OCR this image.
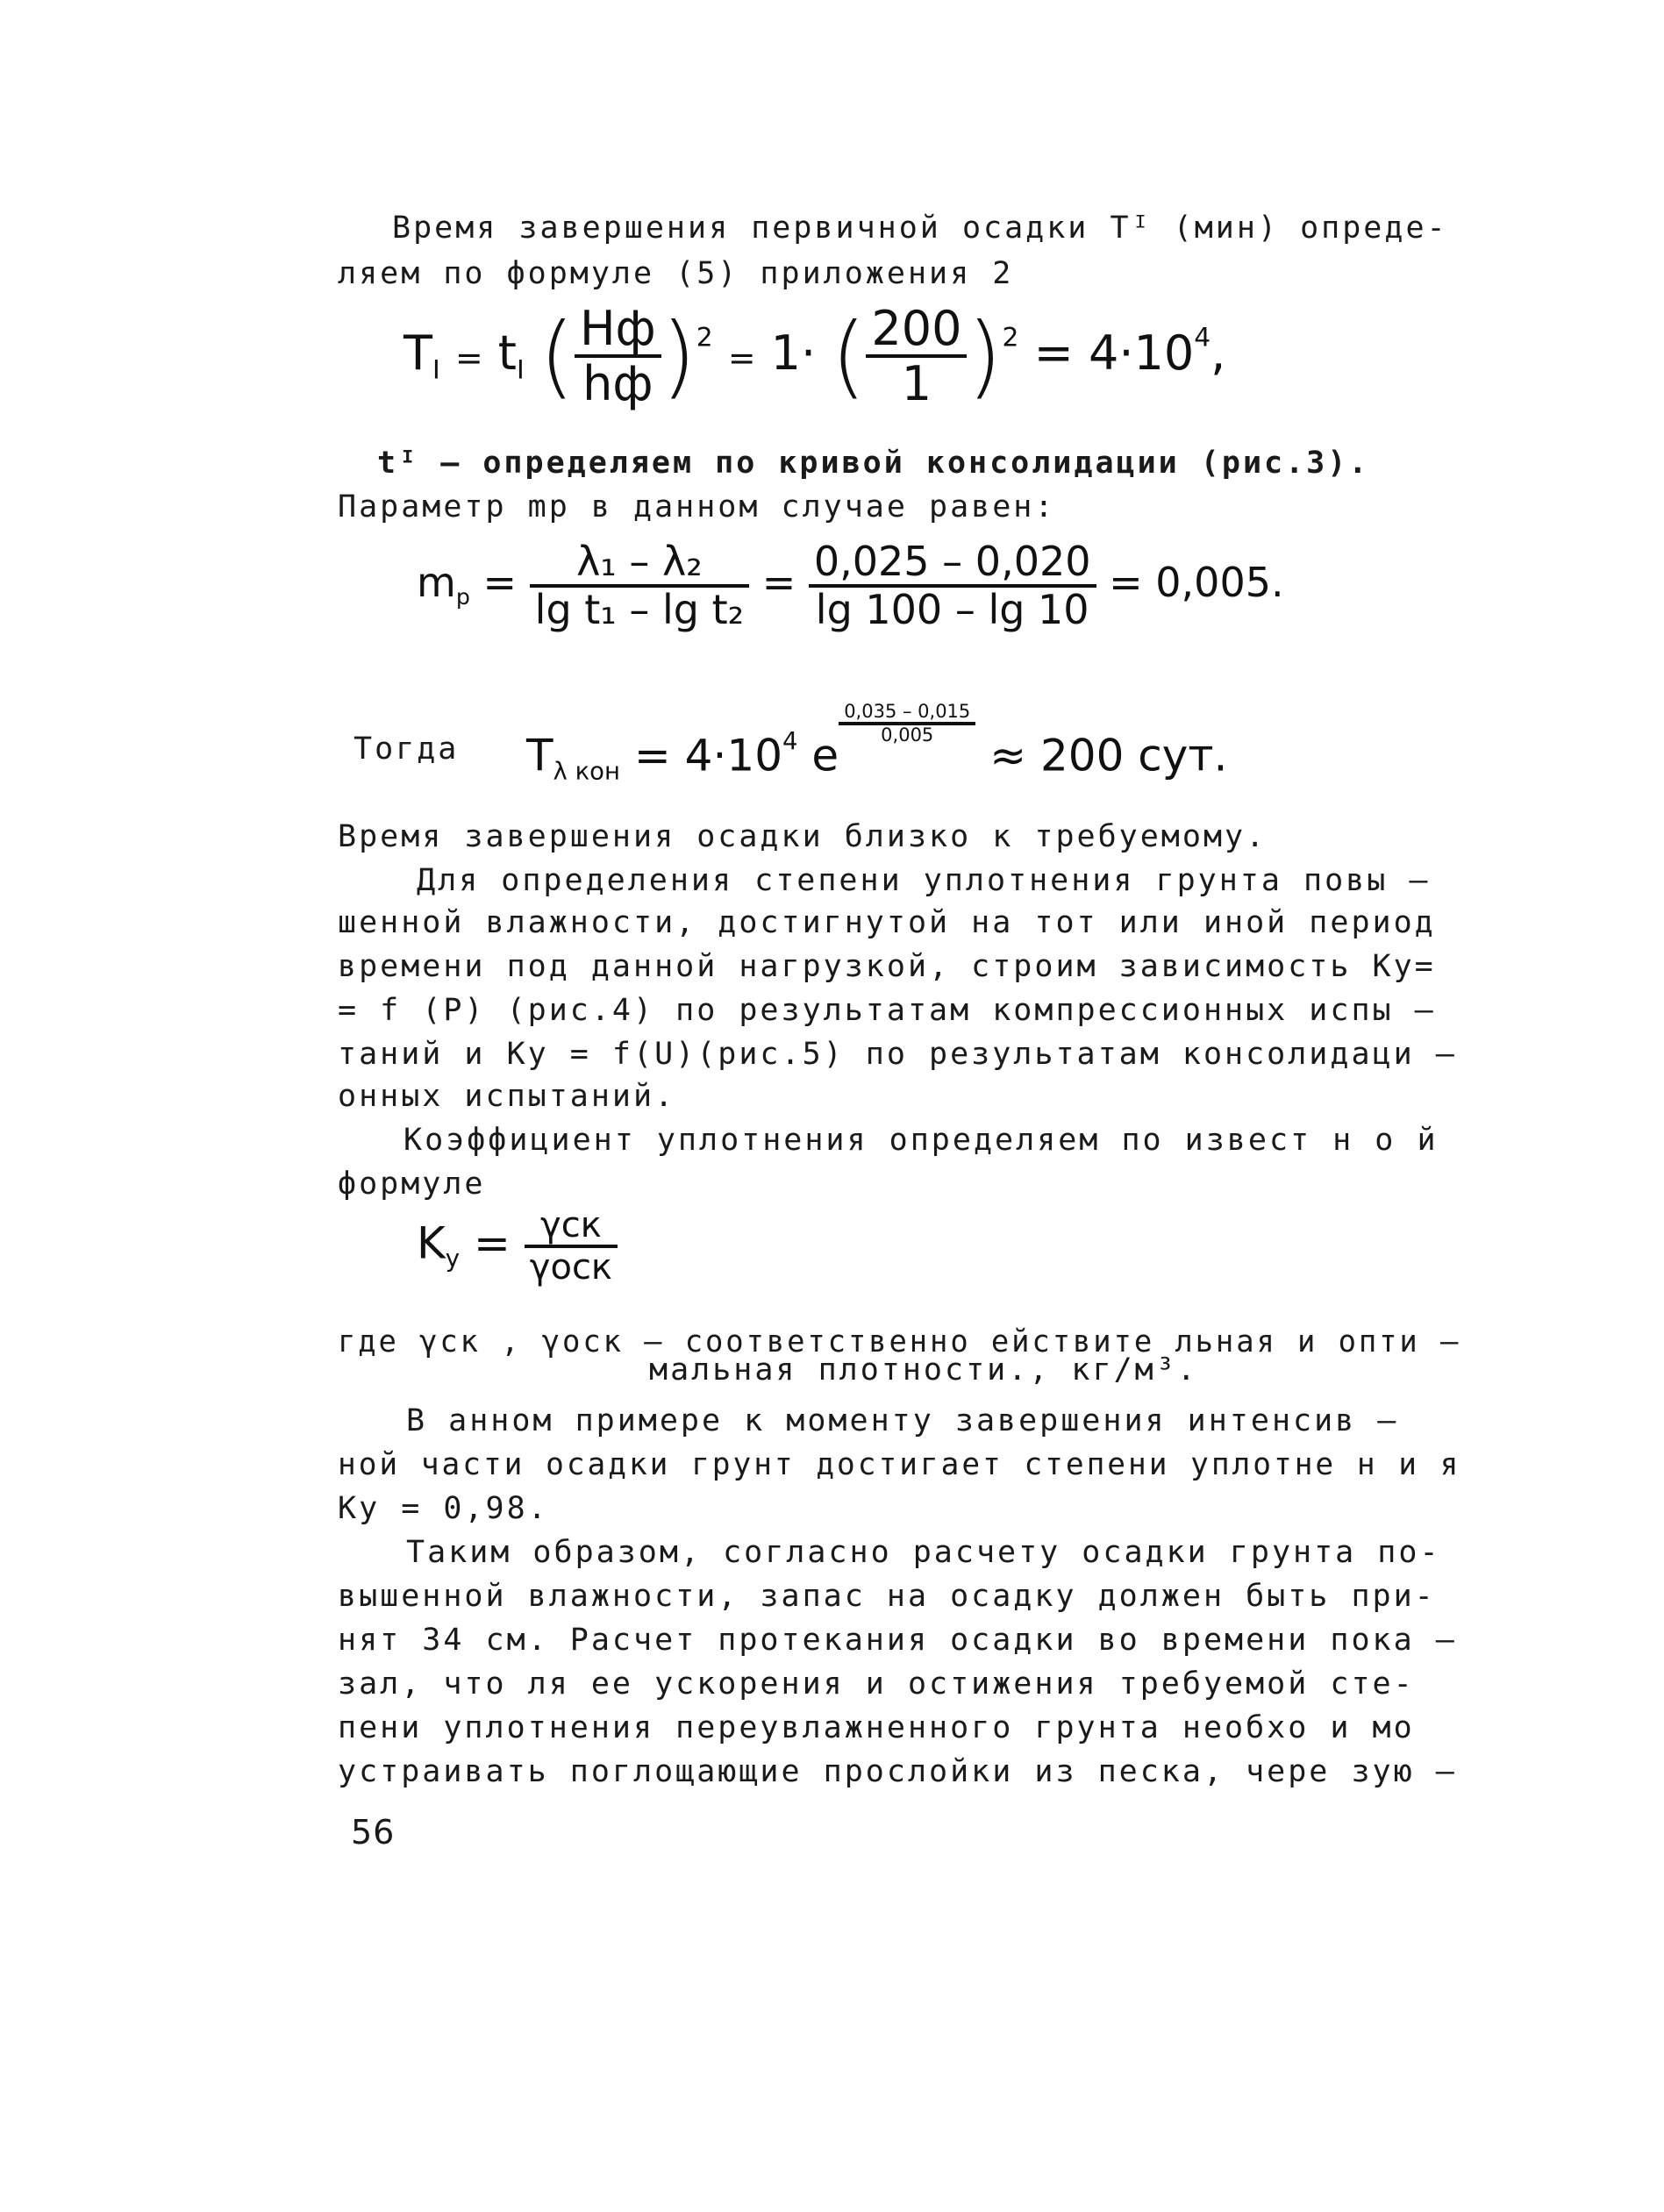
Время завершения первичной осадки Tᴵ (мин) опреде-
ляем по формуле (5) приложения 2
$T_I = t_I$ ( $\frac{Hф}{hф} )^2 = 1\cdot$ ( $\frac{200}{1} )^2 = 4\cdot 10^4$,
tᴵ – определяем по кривой консолидации (рис.3).
Параметр mр в данном случае равен:
$m_р = \frac{\text{λ₁ – λ₂}}{\text{lg t₁ – lg t₂}} = \frac{0,025 - 0,020}{\lg 100 - \lg 10} = 0,005$.
Тогда $T_{\lambda кон} = 4\cdot 10^4$ e
$\frac{0,035 - 0,015}{0,005}$
≈ 200 сут.
Время завершения осадки близко к требуемому.
Для определения степени уплотнения грунта повы –
шенной влажности, достигнутой на тот или иной период
времени под данной нагрузкой, строим зависимость Kу=
= f (P) (рис.4) по результатам компрессионных испы –
таний и Kу = f(U)(рис.5) по результатам консолидаци –
онных испытаний.
Коэффициент уплотнения определяем по извест н о й
формуле
$K_у = \frac{\text{γск}}{\text{γоск}}$
где γск , γоск – соответственно ействите льная и опти –
мальная плотности., кг/м³.
В анном примере к моменту завершения интенсив –
ной части осадки грунт достигает степени уплотне н и я
Kу = 0,98.
Таким образом, согласно расчету осадки грунта по-
вышенной влажности, запас на осадку должен быть при-
нят 34 см. Расчет протекания осадки во времени пока –
зал, что ля ее ускорения и остижения требуемой сте-
пени уплотнения переувлажненного грунта необхо и мо
устраивать поглощающие прослойки из песка, чере зую –
56
